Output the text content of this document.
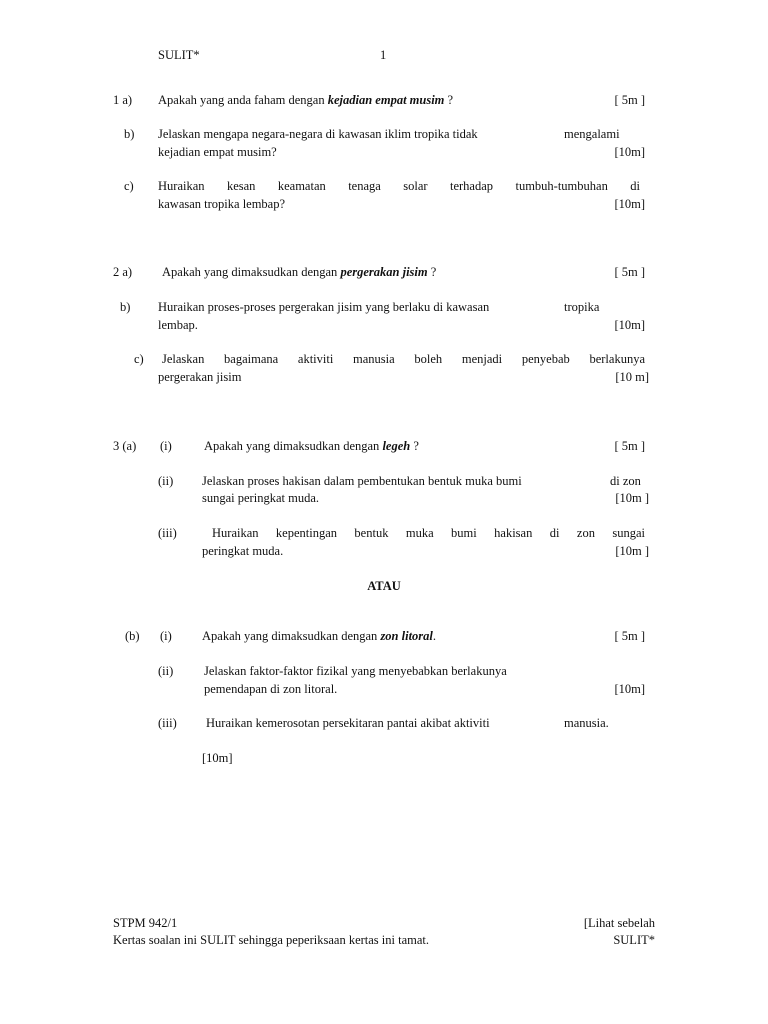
SULIT*	1
1 a) Apakah yang anda faham dengan kejadian empat musim ?	[ 5m ]
b) Jelaskan mengapa negara-negara di kawasan iklim tropika tidak	mengalami
kejadian empat musim?	[10m]
c) Huraikan kesan keamatan tenaga solar terhadap tumbuh-tumbuhan di
kawasan tropika lembap?	[10m]
2 a) Apakah yang dimaksudkan dengan pergerakan jisim ?	[ 5m ]
b) Huraikan proses-proses pergerakan jisim yang berlaku di kawasan	tropika
lembap.	[10m]
c) Jelaskan bagaimana aktiviti manusia boleh menjadi penyebab berlakunya
pergerakan jisim	[10 m]
3 (a) (i)	Apakah yang dimaksudkan dengan legeh ?	[ 5m ]
(ii) Jelaskan proses hakisan dalam pembentukan bentuk muka bumi	di zon
sungai peringkat muda.	[10m ]
(iii)	Huraikan kepentingan bentuk muka bumi hakisan di zon sungai
peringkat muda.	[10m ]
ATAU
(b) (i) Apakah yang dimaksudkan dengan zon litoral.	[ 5m ]
(ii) Jelaskan faktor-faktor fizikal yang menyebabkan berlakunya
pemendapan di zon litoral.	[10m]
(iii) Huraikan kemerosotan persekitaran pantai akibat aktiviti	manusia.
[10m]
STPM 942/1	[Lihat sebelah
Kertas soalan ini SULIT sehingga peperiksaan kertas ini tamat.	SULIT*
